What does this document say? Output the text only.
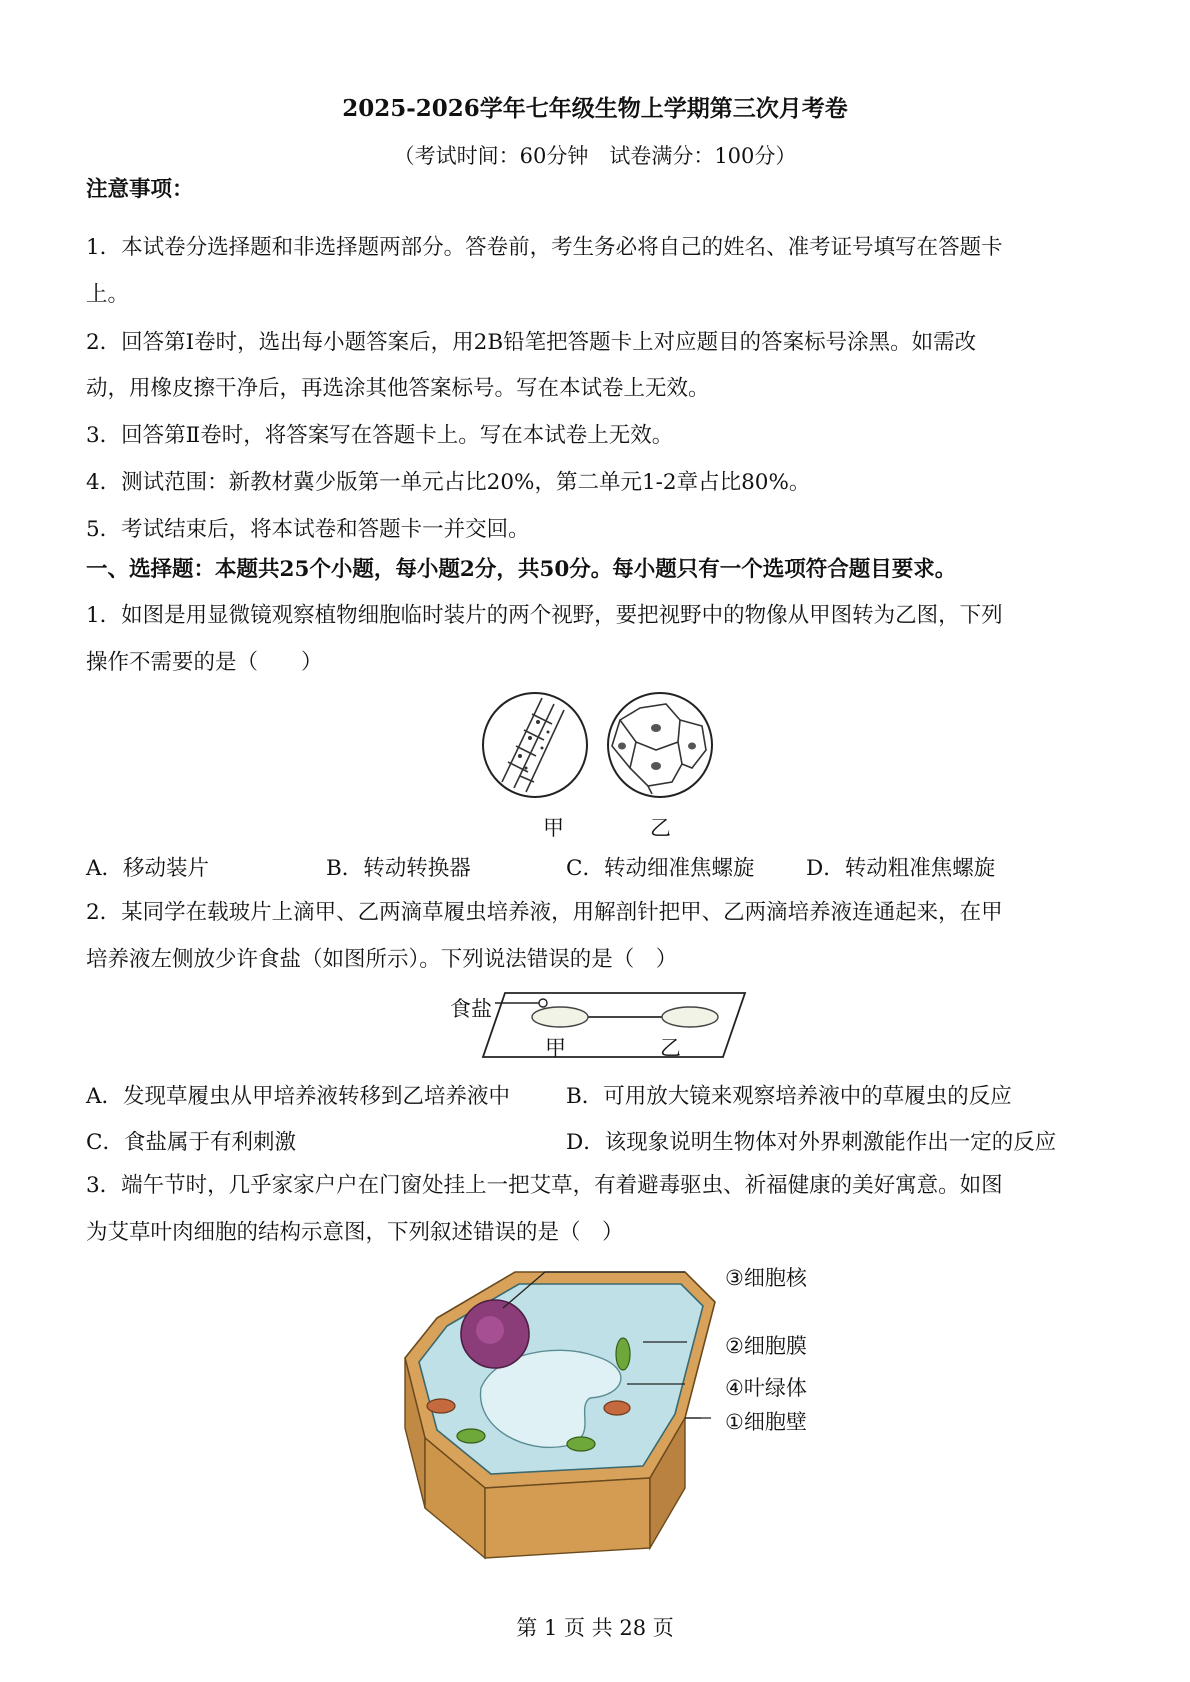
2025-2026学年七年级生物上学期第三次月考卷
（考试时间：60分钟　试卷满分：100分）
注意事项：
1．本试卷分选择题和非选择题两部分。答卷前，考生务必将自己的姓名、准考证号填写在答题卡
上。
2．回答第Ⅰ卷时，选出每小题答案后，用2B铅笔把答题卡上对应题目的答案标号涂黑。如需改
动，用橡皮擦干净后，再选涂其他答案标号。写在本试卷上无效。
3．回答第Ⅱ卷时，将答案写在答题卡上。写在本试卷上无效。
4．测试范围：新教材冀少版第一单元占比20%，第二单元1-2章占比80%。
5．考试结束后，将本试卷和答题卡一并交回。
一、选择题：本题共25个小题，每小题2分，共50分。每小题只有一个选项符合题目要求。
1．如图是用显微镜观察植物细胞临时装片的两个视野，要把视野中的物像从甲图转为乙图，下列
操作不需要的是（　　）
甲	乙
A．移动装片	B．转动转换器	C．转动细准焦螺旋 D．转动粗准焦螺旋
2．某同学在载玻片上滴甲、乙两滴草履虫培养液，用解剖针把甲、乙两滴培养液连通起来，在甲
培养液左侧放少许食盐（如图所示）。下列说法错误的是（　）
食盐
甲	乙
A．发现草履虫从甲培养液转移到乙培养液中	B．可用放大镜来观察培养液中的草履虫的反应
C．食盐属于有利刺激	D．该现象说明生物体对外界刺激能作出一定的反应
3．端午节时，几乎家家户户在门窗处挂上一把艾草，有着避毒驱虫、祈福健康的美好寓意。如图
为艾草叶肉细胞的结构示意图，下列叙述错误的是（　）
③细胞核
②细胞膜
④叶绿体
①细胞壁
第 1 页 共 28 页
